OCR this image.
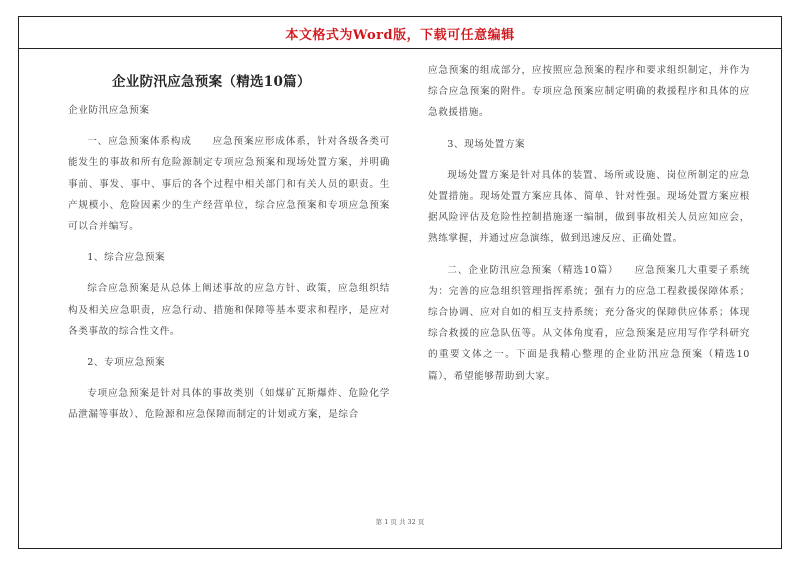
本文格式为Word版，下载可任意编辑
企业防汛应急预案（精选10篇）

企业防汛应急预案

一、应急预案体系构成　　应急预案应形成体系，针对各级各类可能发生的事故和所有危险源制定专项应急预案和现场处置方案，并明确事前、事发、事中、事后的各个过程中相关部门和有关人员的职责。生产规模小、危险因素少的生产经营单位，综合应急预案和专项应急预案可以合并编写。

1、综合应急预案

综合应急预案是从总体上阐述事故的应急方针、政策，应急组织结构及相关应急职责，应急行动、措施和保障等基本要求和程序，是应对各类事故的综合性文件。

2、专项应急预案

专项应急预案是针对具体的事故类别（如煤矿瓦斯爆炸、危险化学品泄漏等事故）、危险源和应急保障而制定的计划或方案，是综合

应急预案的组成部分，应按照应急预案的程序和要求组织制定，并作为综合应急预案的附件。专项应急预案应制定明确的救援程序和具体的应急救援措施。

3、现场处置方案

现场处置方案是针对具体的装置、场所或设施、岗位所制定的应急处置措施。现场处置方案应具体、简单、针对性强。现场处置方案应根据风险评估及危险性控制措施逐一编制，做到事故相关人员应知应会，熟练掌握，并通过应急演练，做到迅速反应、正确处置。

二、企业防汛应急预案（精选10篇）　　应急预案几大重要子系统为：完善的应急组织管理指挥系统；强有力的应急工程救援保障体系；综合协调、应对自如的相互支持系统；充分备灾的保障供应体系；体现综合救援的应急队伍等。从文体角度看，应急预案是应用写作学科研究的重要文体之一。下面是我精心整理的企业防汛应急预案（精选10篇），希望能够帮助到大家。

第 1 页 共 32 页
